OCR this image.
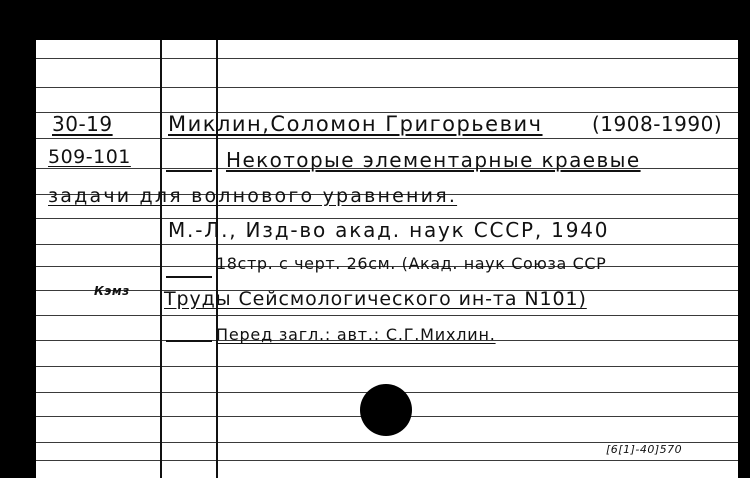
30-19
509-101
Кэмз
Миклин,Соломон Григорьевич (1908-1990)
Некоторые элементарные краевые
задачи для волнового уравнения.
М.-Л., Изд-во акад. наук СССР, 1940
18стр. с черт. 26см. (Акад. наук Союза ССР
Труды Сейсмологического ин-та N101)
Перед загл.: авт.: С.Г.Михлин.
[6[1]-40]570
